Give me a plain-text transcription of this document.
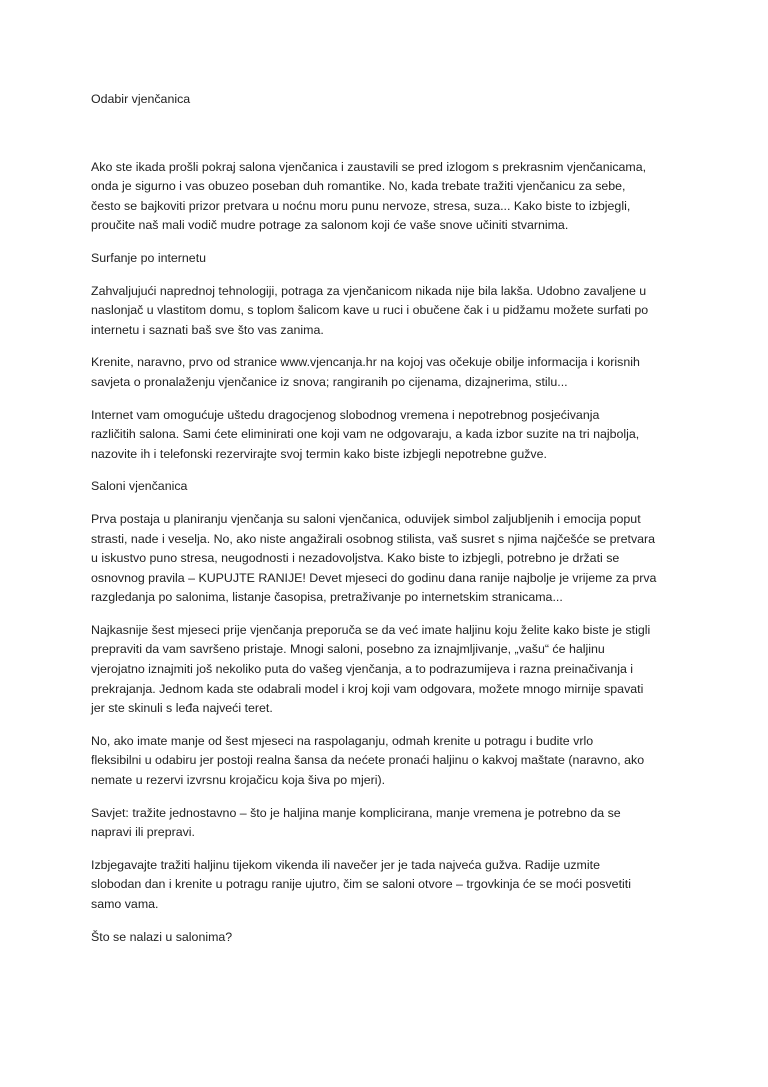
Odabir vjenčanica
Ako ste ikada prošli pokraj salona vjenčanica i zaustavili se pred izlogom s prekrasnim vjenčanicama,
onda je sigurno i vas obuzeo poseban duh romantike. No, kada trebate tražiti vjenčanicu za sebe,
često se bajkoviti prizor pretvara u noćnu moru punu nervoze, stresa, suza... Kako biste to izbjegli,
proučite naš mali vodič mudre potrage za salonom koji će vaše snove učiniti stvarnima.
Surfanje po internetu
Zahvaljujući naprednoj tehnologiji, potraga za vjenčanicom nikada nije bila lakša. Udobno zavaljene u
naslonjač u vlastitom domu, s toplom šalicom kave u ruci i obučene čak i u pidžamu možete surfati po
internetu i saznati baš sve što vas zanima.
Krenite, naravno, prvo od stranice www.vjencanja.hr na kojoj vas očekuje obilje informacija i korisnih
savjeta o pronalaženju vjenčanice iz snova; rangiranih po cijenama, dizajnerima, stilu...
Internet vam omogućuje uštedu dragocjenog slobodnog vremena i nepotrebnog posjećivanja
različitih salona. Sami ćete eliminirati one koji vam ne odgovaraju, a kada izbor suzite na tri najbolja,
nazovite ih i telefonski rezervirajte svoj termin kako biste izbjegli nepotrebne gužve.
Saloni vjenčanica
Prva postaja u planiranju vjenčanja su saloni vjenčanica, oduvijek simbol zaljubljenih i emocija poput
strasti, nade i veselja. No, ako niste angažirali osobnog stilista, vaš susret s njima najčešće se pretvara
u iskustvo puno stresa, neugodnosti i nezadovoljstva. Kako biste to izbjegli, potrebno je držati se
osnovnog pravila – KUPUJTE RANIJE! Devet mjeseci do godinu dana ranije najbolje je vrijeme za prva
razgledanja po salonima, listanje časopisa, pretraživanje po internetskim stranicama...
Najkasnije šest mjeseci prije vjenčanja preporuča se da već imate haljinu koju želite kako biste je stigli
prepraviti da vam savršeno pristaje. Mnogi saloni, posebno za iznajmljivanje, „vašu“ će haljinu
vjerojatno iznajmiti još nekoliko puta do vašeg vjenčanja, a to podrazumijeva i razna preinačivanja i
prekrajanja. Jednom kada ste odabrali model i kroj koji vam odgovara, možete mnogo mirnije spavati
jer ste skinuli s leđa najveći teret.
No, ako imate manje od šest mjeseci na raspolaganju, odmah krenite u potragu i budite vrlo
fleksibilni u odabiru jer postoji realna šansa da nećete pronaći haljinu o kakvoj maštate (naravno, ako
nemate u rezervi izvrsnu krojačicu koja šiva po mjeri).
Savjet: tražite jednostavno – što je haljina manje komplicirana, manje vremena je potrebno da se
napravi ili prepravi.
Izbjegavajte tražiti haljinu tijekom vikenda ili navečer jer je tada najveća gužva. Radije uzmite
slobodan dan i krenite u potragu ranije ujutro, čim se saloni otvore – trgovkinja će se moći posvetiti
samo vama.
Što se nalazi u salonima?
